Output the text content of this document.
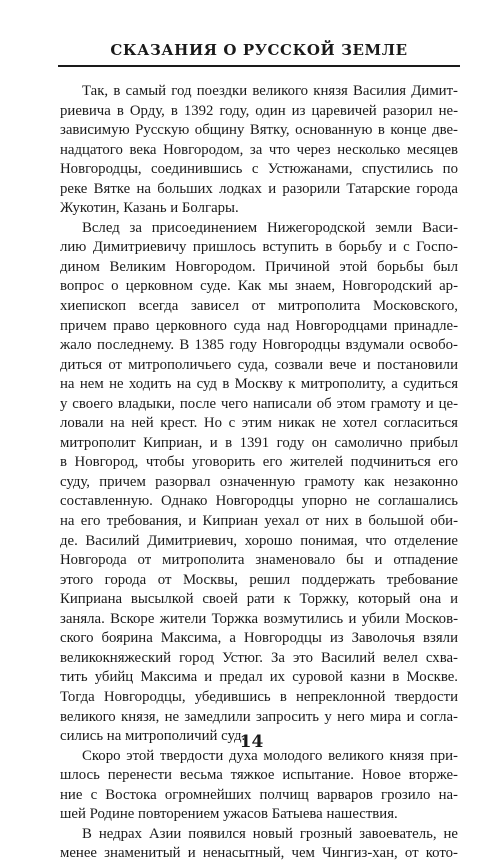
СКАЗАНИЯ О РУССКОЙ ЗЕМЛЕ
Так, в самый год поездки великого князя Василия Димит-
риевича в Орду, в 1392 году, один из царевичей разорил не-
зависимую Русскую общину Вятку, основанную в конце две-
надцатого века Новгородом, за что через несколько месяцев
Новгородцы, соединившись с Устюжанами, спустились по
реке Вятке на больших лодках и разорили Татарские города
Жукотин, Казань и Болгары.
Вслед за присоединением Нижегородской земли Васи-
лию Димитриевичу пришлось вступить в борьбу и с Госпо-
дином Великим Новгородом. Причиной этой борьбы был
вопрос о церковном суде. Как мы знаем, Новгородский ар-
хиепископ всегда зависел от митрополита Московского,
причем право церковного суда над Новгородцами принадле-
жало последнему. В 1385 году Новгородцы вздумали освобо-
диться от митрополичьего суда, созвали вече и постановили
на нем не ходить на суд в Москву к митрополиту, а судиться
у своего владыки, после чего написали об этом грамоту и це-
ловали на ней крест. Но с этим никак не хотел согласиться
митрополит Киприан, и в 1391 году он самолично прибыл
в Новгород, чтобы уговорить его жителей подчиниться его
суду, причем разорвал означенную грамоту как незаконно
составленную. Однако Новгородцы упорно не соглашались
на его требования, и Киприан уехал от них в большой оби-
де. Василий Димитриевич, хорошо понимая, что отделение
Новгорода от митрополита знаменовало бы и отпадение
этого города от Москвы, решил поддержать требование
Киприана высылкой своей рати к Торжку, который она и
заняла. Вскоре жители Торжка возмутились и убили Москов-
ского боярина Максима, а Новгородцы из Заволочья взяли
великокняжеский город Устюг. За это Василий велел схва-
тить убийц Максима и предал их суровой казни в Москве.
Тогда Новгородцы, убедившись в непреклонной твердости
великого князя, не замедлили запросить у него мира и согла-
сились на митрополичий суд.
Скоро этой твердости духа молодого великого князя при-
шлось перенести весьма тяжкое испытание. Новое вторже-
ние с Востока огромнейших полчищ варваров грозило на-
шей Родине повторением ужасов Батыева нашествия.
В недрах Азии появился новый грозный завоеватель, не
менее знаменитый и ненасытный, чем Чингиз-хан, от кото-
14
